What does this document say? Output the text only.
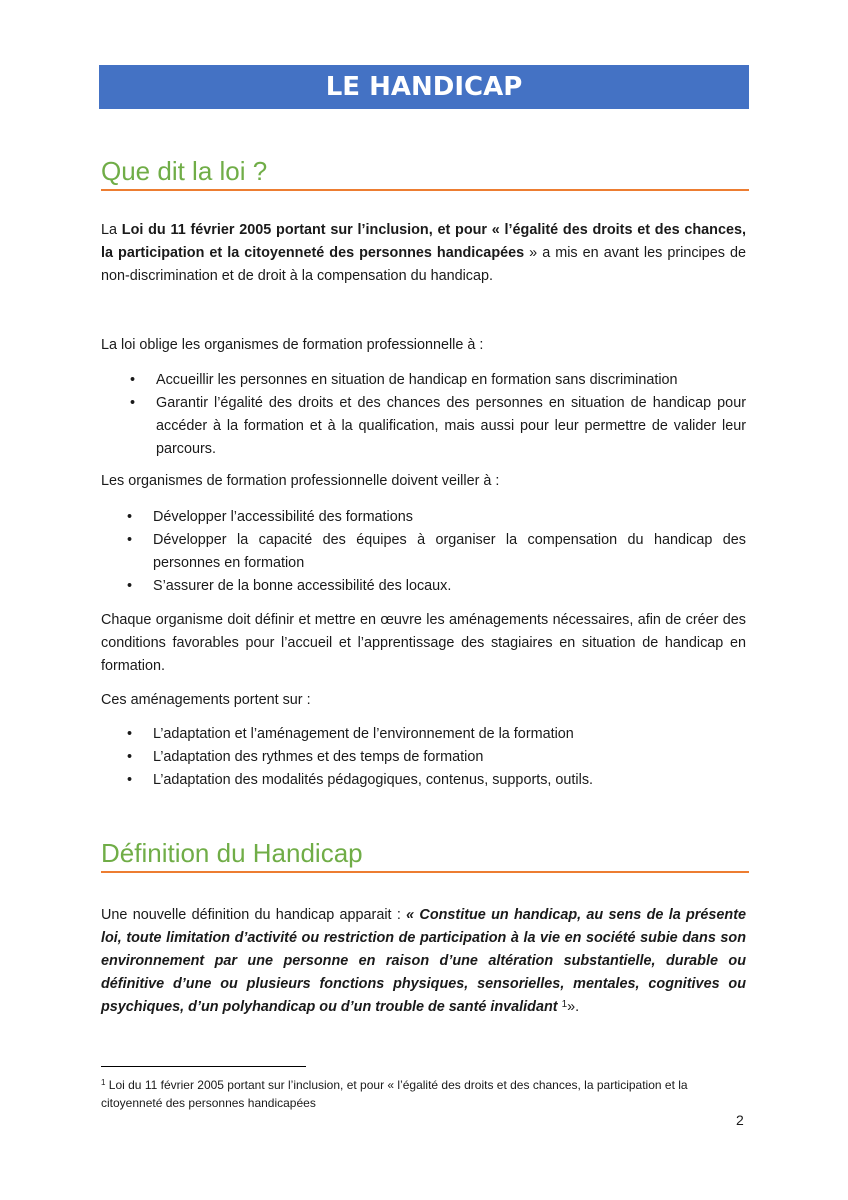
LE HANDICAP
Que dit la loi ?

La Loi du 11 février 2005 portant sur l’inclusion, et pour « l’égalité des droits et des chances, la participation et la citoyenneté des personnes handicapées » a mis en avant les principes de non-discrimination et de droit à la compensation du handicap.

La loi oblige les organismes de formation professionnelle à :

• Accueillir les personnes en situation de handicap en formation sans discrimination
• Garantir l’égalité des droits et des chances des personnes en situation de handicap pour accéder à la formation et à la qualification, mais aussi pour leur permettre de valider leur parcours.

Les organismes de formation professionnelle doivent veiller à :

• Développer l’accessibilité des formations
• Développer la capacité des équipes à organiser la compensation du handicap des personnes en formation
• S’assurer de la bonne accessibilité des locaux.

Chaque organisme doit définir et mettre en œuvre les aménagements nécessaires, afin de créer des conditions favorables pour l’accueil et l’apprentissage des stagiaires en situation de handicap en formation.

Ces aménagements portent sur :

• L’adaptation et l’aménagement de l’environnement de la formation
• L’adaptation des rythmes et des temps de formation
• L’adaptation des modalités pédagogiques, contenus, supports, outils.
Définition du Handicap

Une nouvelle définition du handicap apparait : « Constitue un handicap, au sens de la présente loi, toute limitation d’activité ou restriction de participation à la vie en société subie dans son environnement par une personne en raison d’une altération substantielle, durable ou définitive d’une ou plusieurs fonctions physiques, sensorielles, mentales, cognitives ou psychiques, d’un polyhandicap ou d’un trouble de santé invalidant $^1$».

$^1$ Loi du 11 février 2005 portant sur l’inclusion, et pour « l’égalité des droits et des chances, la participation et la citoyenneté des personnes handicapées
2
